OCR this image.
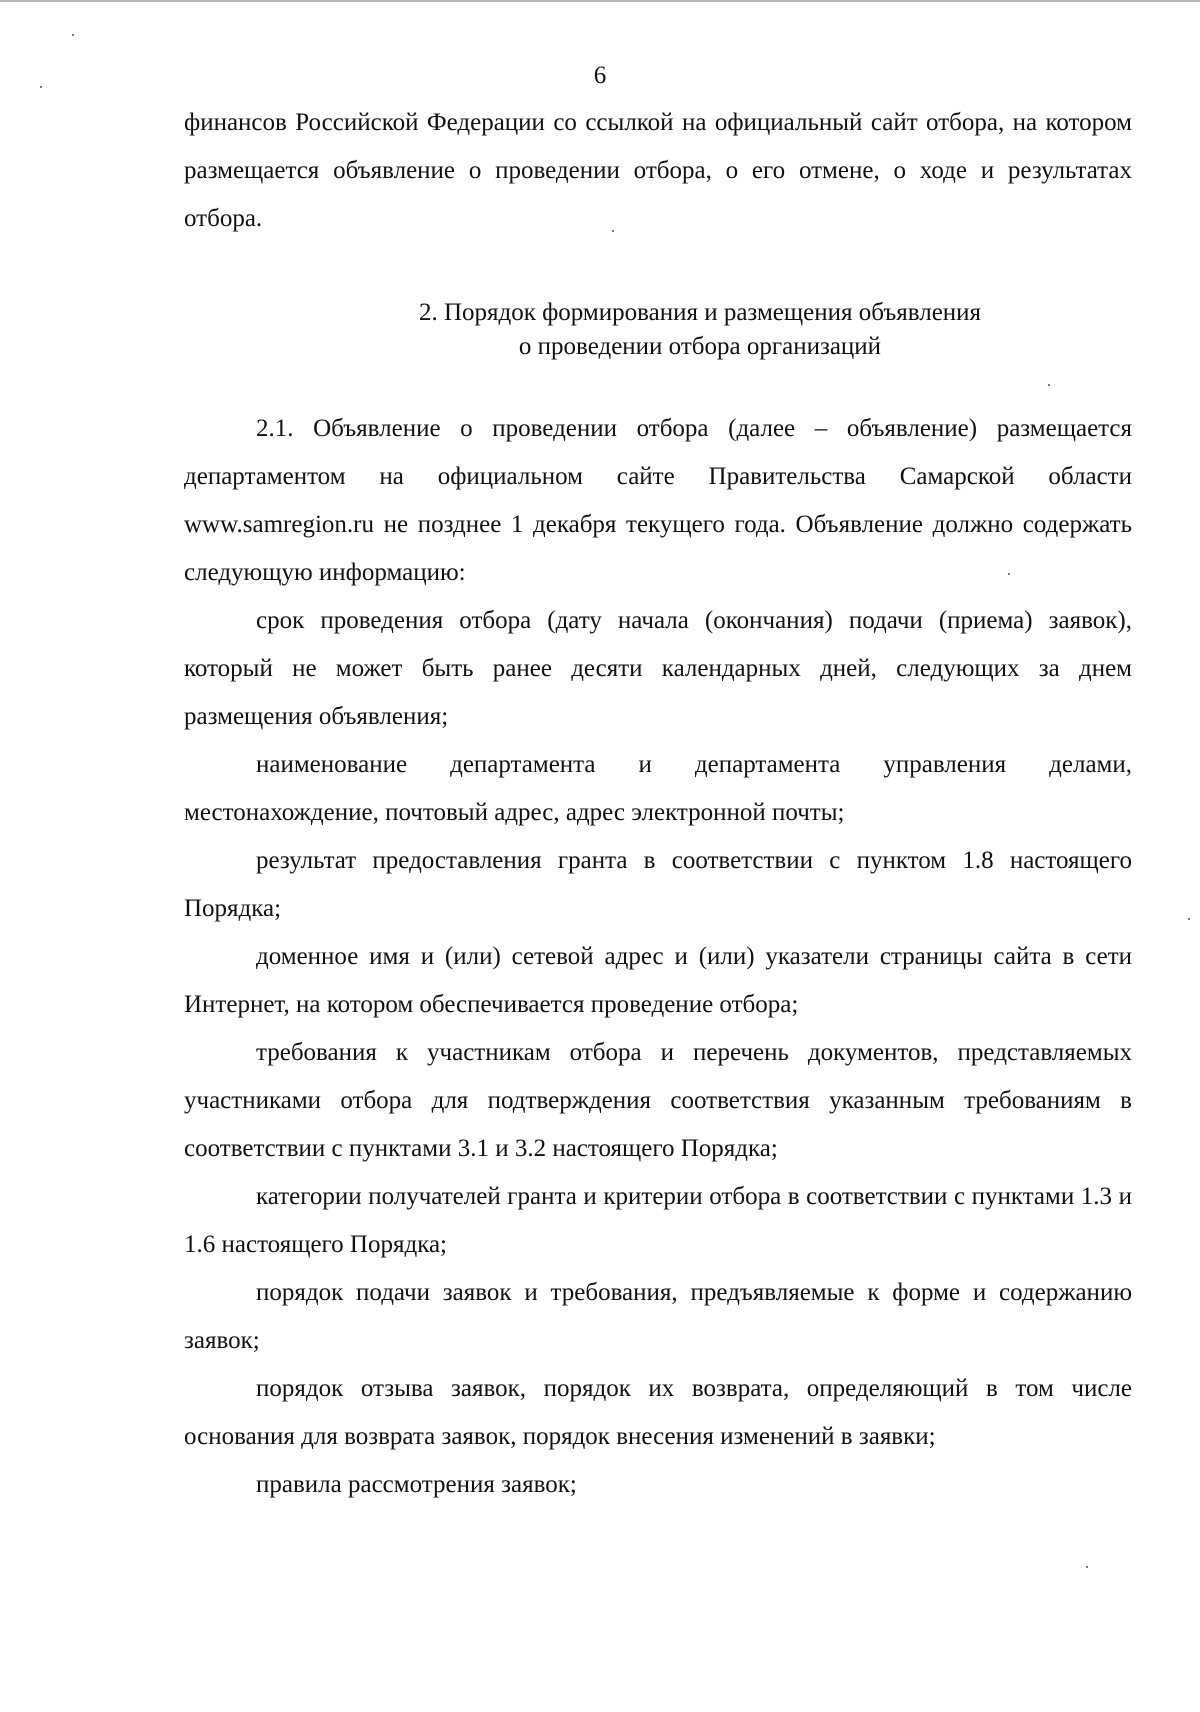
6

финансов Российской Федерации со ссылкой на официальный сайт отбора, на котором размещается объявление о проведении отбора, о его отмене, о ходе и результатах отбора.

2. Порядок формирования и размещения объявления
о проведении отбора организаций

2.1. Объявление о проведении отбора (далее – объявление) размещается департаментом на официальном сайте Правительства Самарской области www.samregion.ru не позднее 1 декабря текущего года. Объявление должно содержать следующую информацию:

срок проведения отбора (дату начала (окончания) подачи (приема) заявок), который не может быть ранее десяти календарных дней, следующих за днем размещения объявления;

наименование департамента и департамента управления делами, местонахождение, почтовый адрес, адрес электронной почты;

результат предоставления гранта в соответствии с пунктом 1.8 настоящего Порядка;

доменное имя и (или) сетевой адрес и (или) указатели страницы сайта в сети Интернет, на котором обеспечивается проведение отбора;

требования к участникам отбора и перечень документов, представляемых участниками отбора для подтверждения соответствия указанным требованиям в соответствии с пунктами 3.1 и 3.2 настоящего Порядка;

категории получателей гранта и критерии отбора в соответствии с пунктами 1.3 и 1.6 настоящего Порядка;

порядок подачи заявок и требования, предъявляемые к форме и содержанию заявок;

порядок отзыва заявок, порядок их возврата, определяющий в том числе основания для возврата заявок, порядок внесения изменений в заявки;

правила рассмотрения заявок;
